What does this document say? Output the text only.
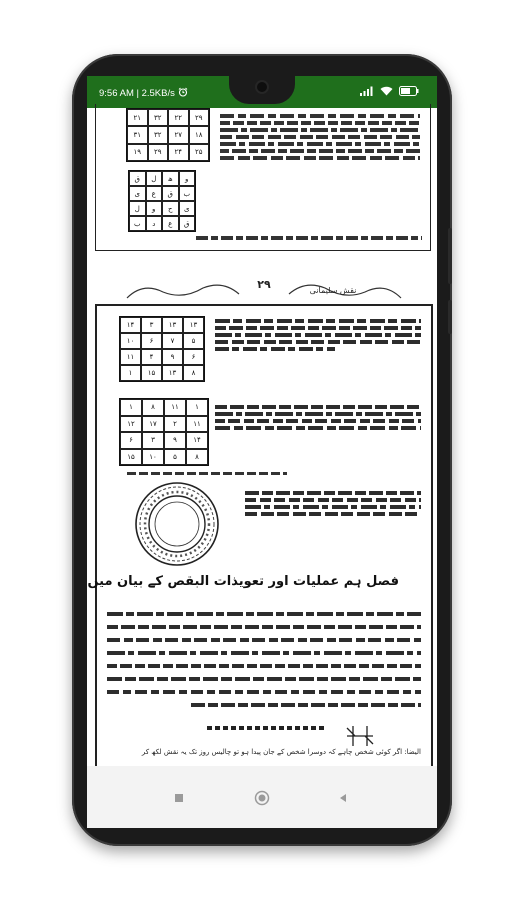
9:56 AM | 2.5KB/s
۲۱	۳۲	۲۲	۲۹
۳۱	۳۲	۲۷	۱۸
۱۹	۲۹	۲۴	۲۵
ق	ل	ھ	و
ی	ع	ق	ب
ل	و	ح	ی
ب	د	ع	ق
۲۹	نقش سلیمانی
۱۴	۳	۱۳	۱۳
۱۰	۶	۷	۵
۱۱	۴	۹	۶
۱	۱۵	۱۳	۸
۱	۸	۱۱	۱
۱۲	۱۷	۲	۱۱
۶	۳	۹	۱۴
۱۵	۱۰	۵	۸
فصل ہم عملیات اور تعویذات البقص کے بیان میں
الیضا: اگر کوئی شخص چاہے کہ دوسرا شخص کے جان پیدا ہو تو چالیس روز تک یہ نقش لکھ کر
